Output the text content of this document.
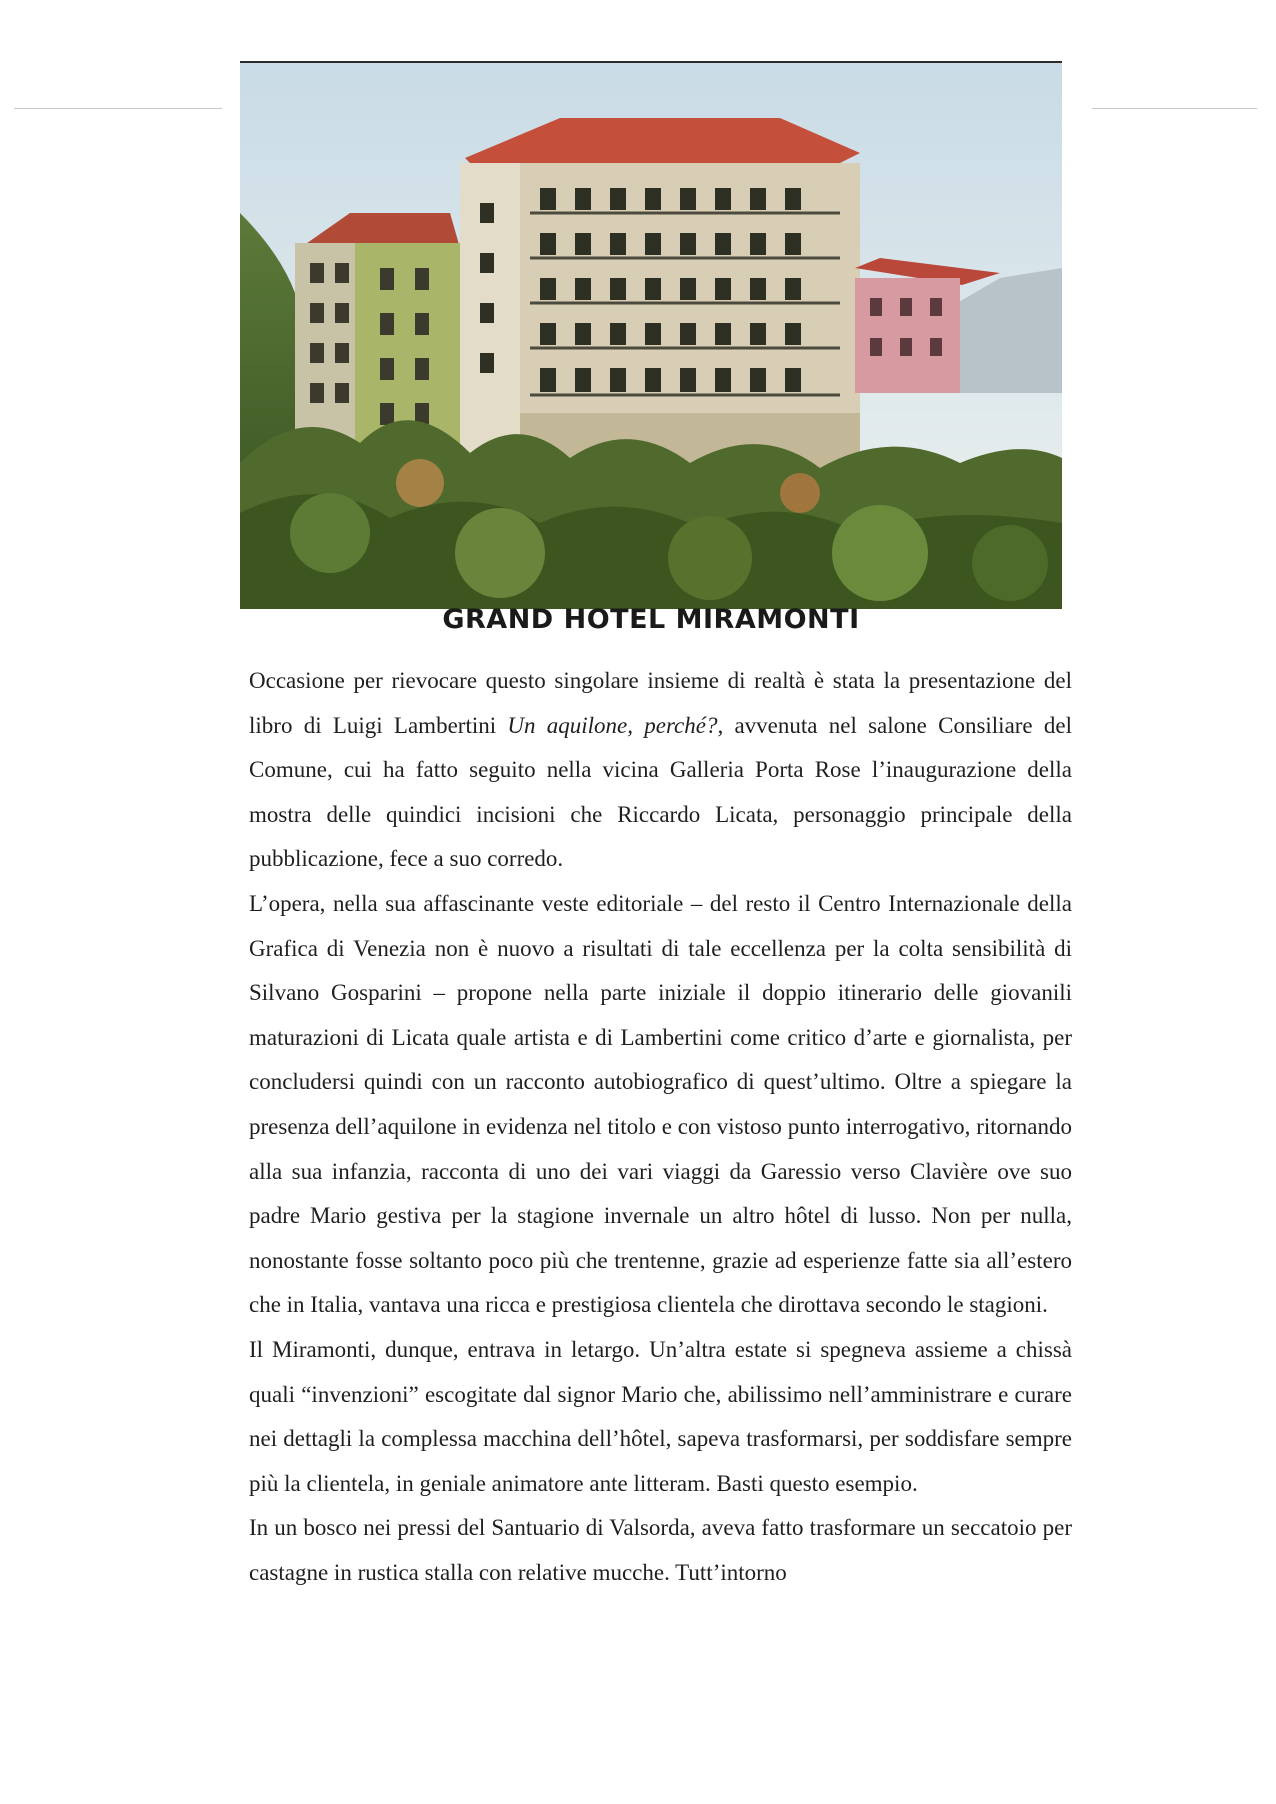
GRAND HOTEL MIRAMONTI

Occasione per rievocare questo singolare insieme di realtà è stata la presentazione del libro di Luigi Lambertini Un aquilone, perché?, avvenuta nel salone Consiliare del Comune, cui ha fatto seguito nella vicina Galleria Porta Rose l’inaugurazione della mostra delle quindici incisioni che Riccardo Licata, personaggio principale della pubblicazione, fece a suo corredo.

L’opera, nella sua affascinante veste editoriale – del resto il Centro Internazionale della Grafica di Venezia non è nuovo a risultati di tale eccellenza per la colta sensibilità di Silvano Gosparini – propone nella parte iniziale il doppio itinerario delle giovanili maturazioni di Licata quale artista e di Lambertini come critico d’arte e giornalista, per concludersi quindi con un racconto autobiografico di quest’ultimo. Oltre a spiegare la presenza dell’aquilone in evidenza nel titolo e con vistoso punto interrogativo, ritornando alla sua infanzia, racconta di uno dei vari viaggi da Garessio verso Clavière ove suo padre Mario gestiva per la stagione invernale un altro hôtel di lusso. Non per nulla, nonostante fosse soltanto poco più che trentenne, grazie ad esperienze fatte sia all’estero che in Italia, vantava una ricca e prestigiosa clientela che dirottava secondo le stagioni.

Il Miramonti, dunque, entrava in letargo. Un’altra estate si spegneva assieme a chissà quali “invenzioni” escogitate dal signor Mario che, abilissimo nell’amministrare e curare nei dettagli la complessa macchina dell’hôtel, sapeva trasformarsi, per soddisfare sempre più la clientela, in geniale animatore ante litteram. Basti questo esempio.

In un bosco nei pressi del Santuario di Valsorda, aveva fatto trasformare un seccatoio per castagne in rustica stalla con relative mucche. Tutt’intorno
